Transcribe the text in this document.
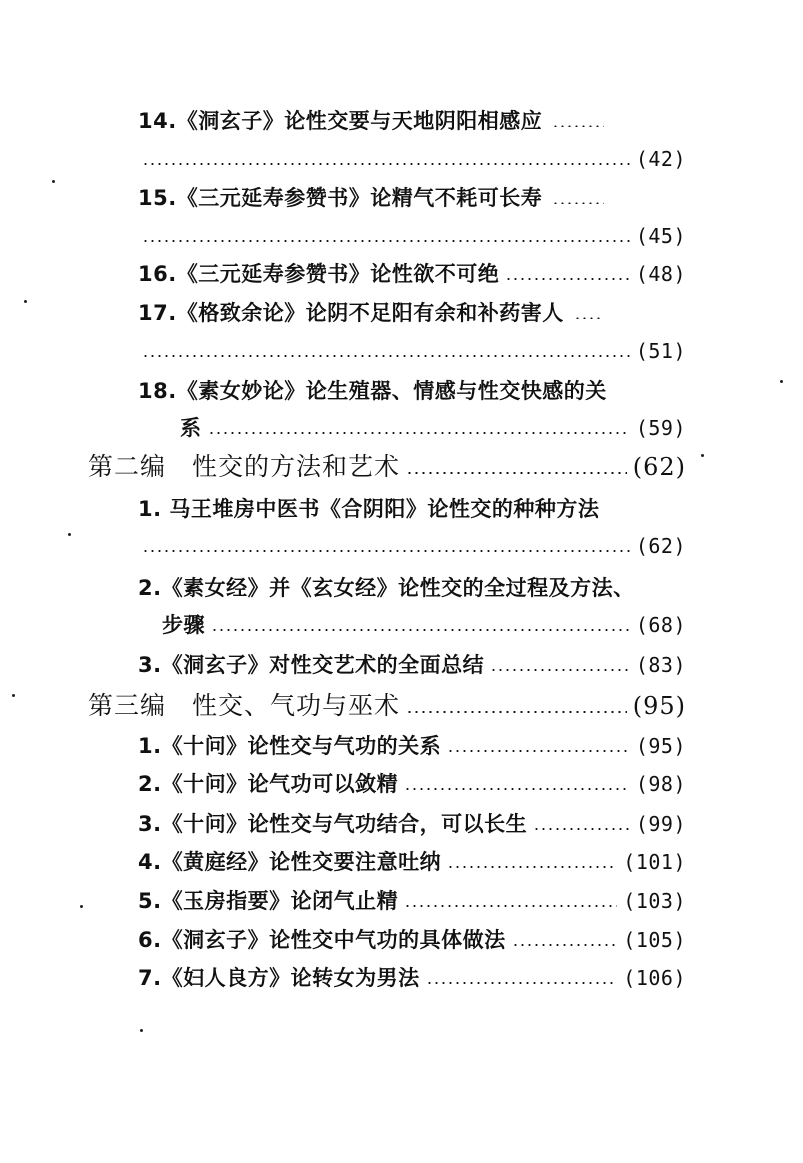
14.《洞玄子》论性交要与天地阴阳相感应
(42)
15.《三元延寿参赞书》论精气不耗可长寿
(45)
16.《三元延寿参赞书》论性欲不可绝	(48)
17.《格致余论》论阴不足阳有余和补药害人
(51)
18.《素女妙论》论生殖器、情感与性交快感的关
系	(59)
第二编　性交的方法和艺术	(62)
1. 马王堆房中医书《合阴阳》论性交的种种方法
(62)
2.《素女经》并《玄女经》论性交的全过程及方法、
步骤	(68)
3.《洞玄子》对性交艺术的全面总结	(83)
第三编　性交、气功与巫术	(95)
1.《十问》论性交与气功的关系	(95)
2.《十问》论气功可以敛精	(98)
3.《十问》论性交与气功结合，可以长生	(99)
4.《黄庭经》论性交要注意吐纳	(101)
5.《玉房指要》论闭气止精	(103)
6.《洞玄子》论性交中气功的具体做法	(105)
7.《妇人良方》论转女为男法	(106)
